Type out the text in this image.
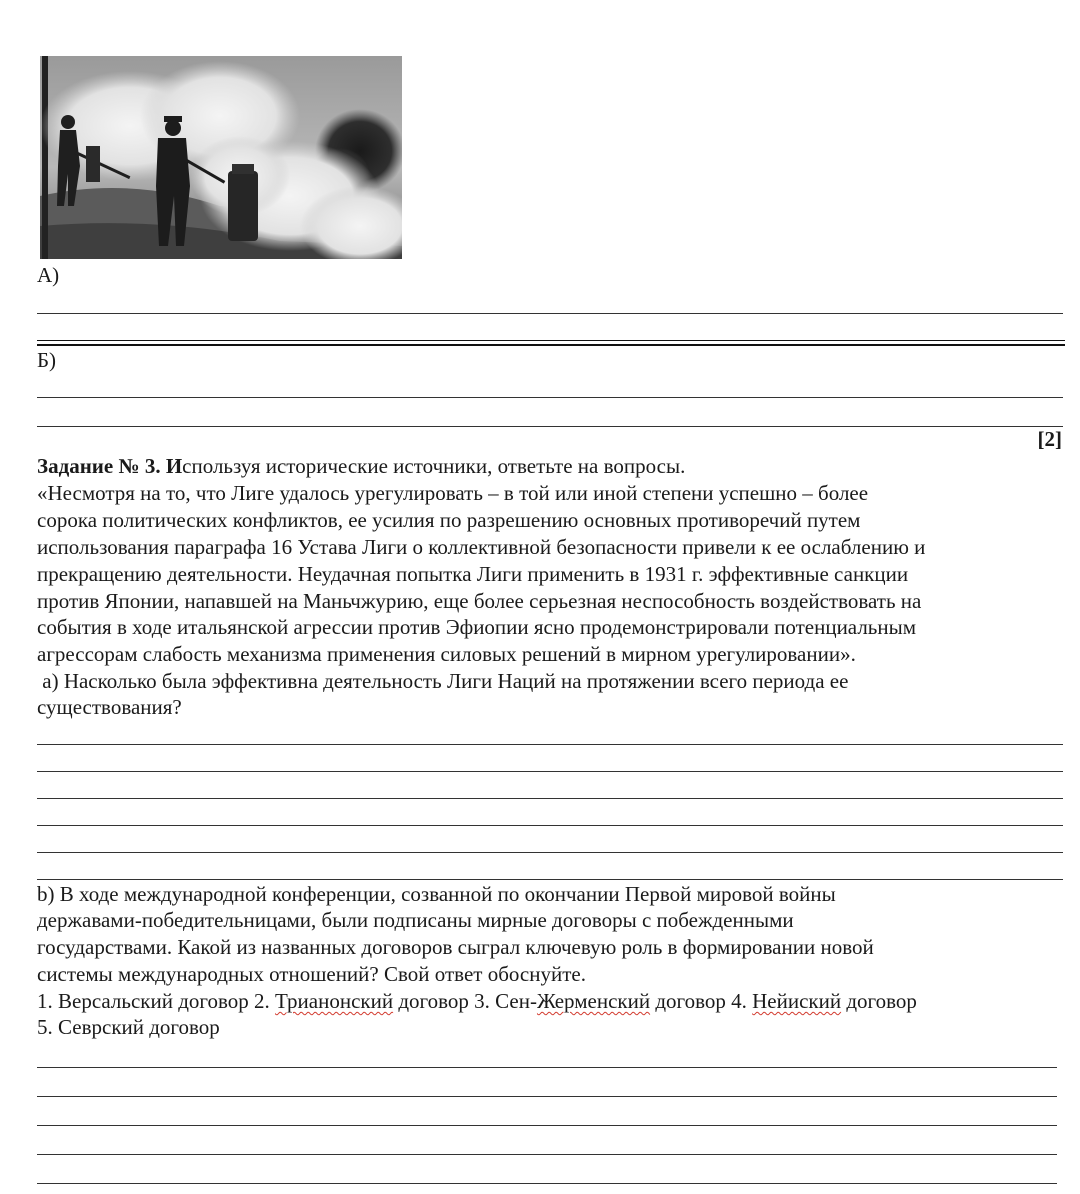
А)
Б)
[2]
Задание № 3. Используя исторические источники, ответьте на вопросы.
«Несмотря на то, что Лиге удалось урегулировать – в той или иной степени успешно – более
сорока политических конфликтов, ее усилия по разрешению основных противоречий путем
использования параграфа 16 Устава Лиги о коллективной безопасности привели к ее ослаблению и
прекращению деятельности. Неудачная попытка Лиги применить в 1931 г. эффективные санкции
против Японии, напавшей на Маньчжурию, еще более серьезная неспособность воздействовать на
события в ходе итальянской агрессии против Эфиопии ясно продемонстрировали потенциальным
агрессорам слабость механизма применения силовых решений в мирном урегулировании».
а) Насколько была эффективна деятельность Лиги Наций на протяжении всего периода ее
существования?
b) В ходе международной конференции, созванной по окончании Первой мировой войны
державами-победительницами, были подписаны мирные договоры с побежденными
государствами. Какой из названных договоров сыграл ключевую роль в формировании новой
системы международных отношений? Свой ответ обоснуйте.
1. Версальский договор 2. Трианонский договор 3. Сен-Жерменский договор 4. Нейиский договор
5. Севрский договор
